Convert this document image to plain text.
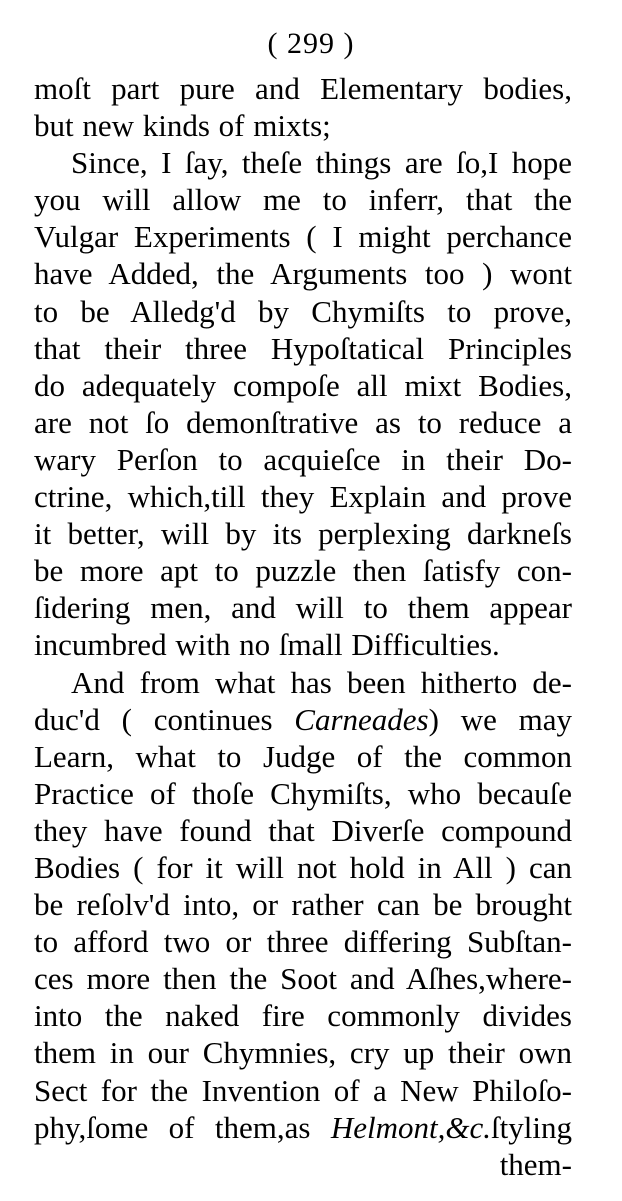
( 299 )
moſt part pure and Elementary bodies,
but new kinds of mixts;
Since, I ſay, theſe things are ſo,I hope
you will allow me to inferr, that the
Vulgar Experiments ( I might perchance
have Added, the Arguments too ) wont
to be Alledg'd by Chymiſts to prove,
that their three Hypoſtatical Principles
do adequately compoſe all mixt Bodies,
are not ſo demonſtrative as to reduce a
wary Perſon to acquieſce in their Do-
ctrine, which,till they Explain and prove
it better, will by its perplexing darkneſs
be more apt to puzzle then ſatisfy con-
ſidering men, and will to them appear
incumbred with no ſmall Difficulties.
And from what has been hitherto de-
duc'd ( continues Carneades) we may
Learn, what to Judge of the common
Practice of thoſe Chymiſts, who becauſe
they have found that Diverſe compound
Bodies ( for it will not hold in All ) can
be reſolv'd into, or rather can be brought
to afford two or three differing Subſtan-
ces more then the Soot and Aſhes,where-
into the naked fire commonly divides
them in our Chymnies, cry up their own
Sect for the Invention of a New Philoſo-
phy,ſome of them,as Helmont,&c.ſtyling
them-
